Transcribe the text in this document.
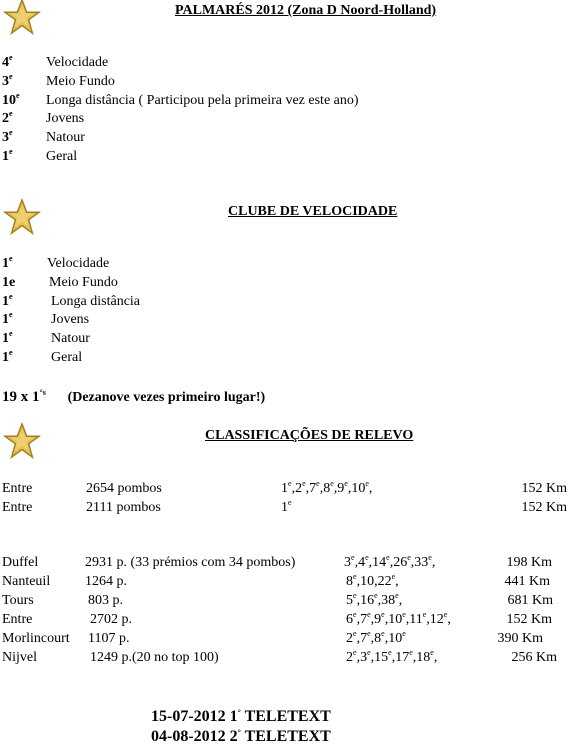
PALMARÉS 2012 (Zona D Noord-Holland)
4e Velocidade
3e Meio Fundo
10e Longa distância ( Participou pela primeira vez este ano)
2e Jovens
3e Natour
1e Geral
CLUBE DE VELOCIDADE
1e Velocidade
1e Meio Fundo
1e	Longa distância
1e	Jovens
1e	Natour
1e	Geral
19 x $1^{^\circ s}$ (Dezanove vezes primeiro lugar!)
CLASSIFICAÇÕES DE RELEVO
Entre	2654 pombos	1e,2e,7e,8e,9e,10e,	152 Km
Entre	2111 pombos	1e	152 Km
Duffel	2931 p. (33 prémios com 34 pombos)	3e,4e,14e,26e,33e,	198 Km
Nanteuil 1264 p.	8e,10,22e,	441 Km
Tours	803 p.	5e,16e,38e,	681 Km
Entre	2702 p.	6e,7e,9e,10e,11e,12e,	152 Km
Morlincourt 1107 p.	2e,7e,8e,10e	390 Km
Nijvel	1249 p.(20 no top 100)	2e,3e,15e,17e,18e,	256 Km
15-07-2012 1° TELETEXT
04-08-2012 2° TELETEXT
